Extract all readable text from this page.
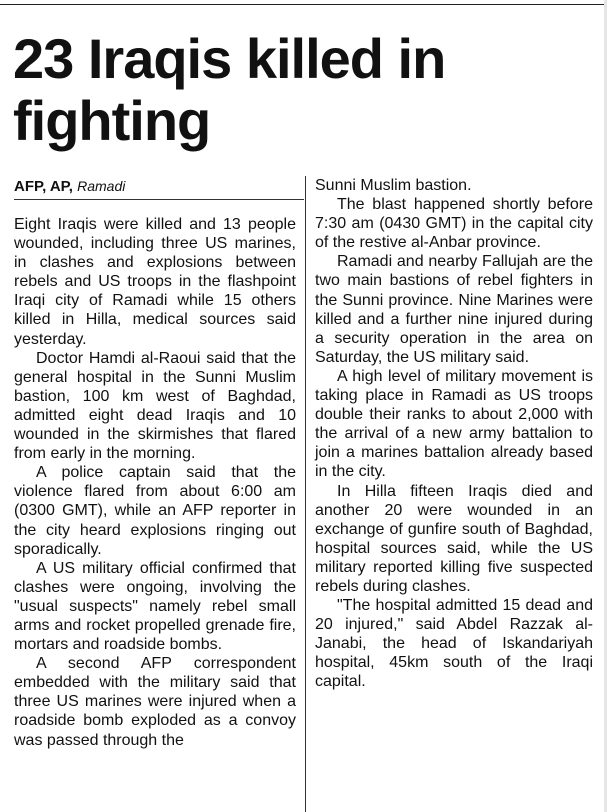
23 Iraqis killed in fighting
AFP, AP, Ramadi

Eight Iraqis were killed and 13 people wounded, including three US marines, in clashes and explosions between rebels and US troops in the flashpoint Iraqi city of Ramadi while 15 others killed in Hilla, medical sources said yesterday.

Doctor Hamdi al-Raoui said that the general hospital in the Sunni Muslim bastion, 100 km west of Baghdad, admitted eight dead Iraqis and 10 wounded in the skirmishes that flared from early in the morning.

A police captain said that the violence flared from about 6:00 am (0300 GMT), while an AFP reporter in the city heard explosions ringing out sporadically.

A US military official confirmed that clashes were ongoing, involving the "usual suspects" namely rebel small arms and rocket propelled grenade fire, mortars and roadside bombs.

A second AFP correspondent embedded with the military said that three US marines were injured when a roadside bomb exploded as a convoy was passed through the

Sunni Muslim bastion.

The blast happened shortly before 7:30 am (0430 GMT) in the capital city of the restive al-Anbar province.

Ramadi and nearby Fallujah are the two main bastions of rebel fighters in the Sunni province. Nine Marines were killed and a further nine injured during a security operation in the area on Saturday, the US military said.

A high level of military movement is taking place in Ramadi as US troops double their ranks to about 2,000 with the arrival of a new army battalion to join a marines battalion already based in the city.

In Hilla fifteen Iraqis died and another 20 were wounded in an exchange of gunfire south of Baghdad, hospital sources said, while the US military reported killing five suspected rebels during clashes.

"The hospital admitted 15 dead and 20 injured," said Abdel Razzak al-Janabi, the head of Iskandariyah hospital, 45km south of the Iraqi capital.
